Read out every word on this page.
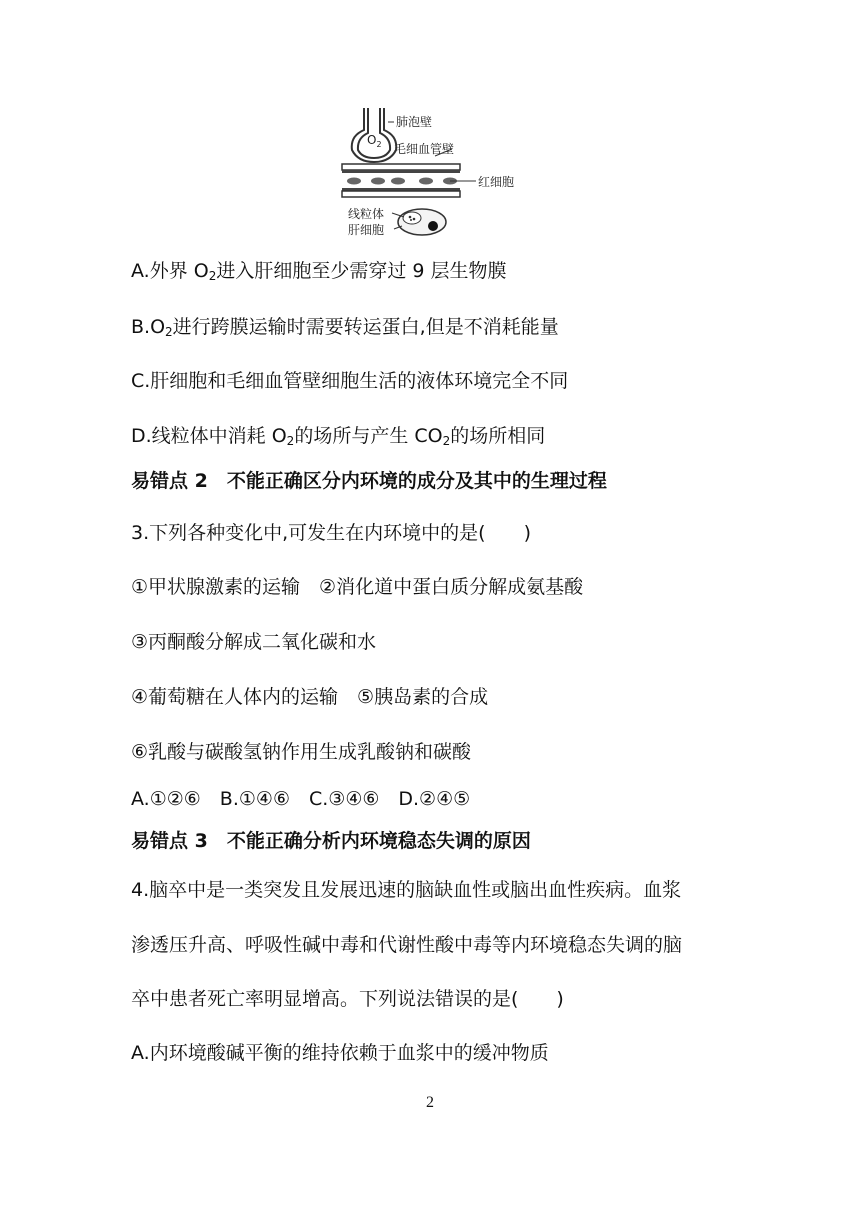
$O_2$
肺泡壁
毛细血管壁
红细胞
线粒体
肝细胞
A.外界 $O_2$进入肝细胞至少需穿过 9 层生物膜
$B.O_2$进行跨膜运输时需要转运蛋白,但是不消耗能量
C.肝细胞和毛细血管壁细胞生活的液体环境完全不同
D.线粒体中消耗 $O_2$的场所与产生 $CO_2$的场所相同
易错点 2　不能正确区分内环境的成分及其中的生理过程
3.下列各种变化中,可发生在内环境中的是(　　)
①甲状腺激素的运输　②消化道中蛋白质分解成氨基酸
③丙酮酸分解成二氧化碳和水
④葡萄糖在人体内的运输　⑤胰岛素的合成
⑥乳酸与碳酸氢钠作用生成乳酸钠和碳酸
A.①②⑥　B.①④⑥　C.③④⑥　D.②④⑤
易错点 3　不能正确分析内环境稳态失调的原因
4.脑卒中是一类突发且发展迅速的脑缺血性或脑出血性疾病。血浆
渗透压升高、呼吸性碱中毒和代谢性酸中毒等内环境稳态失调的脑
卒中患者死亡率明显增高。下列说法错误的是(　　)
A.内环境酸碱平衡的维持依赖于血浆中的缓冲物质
2
